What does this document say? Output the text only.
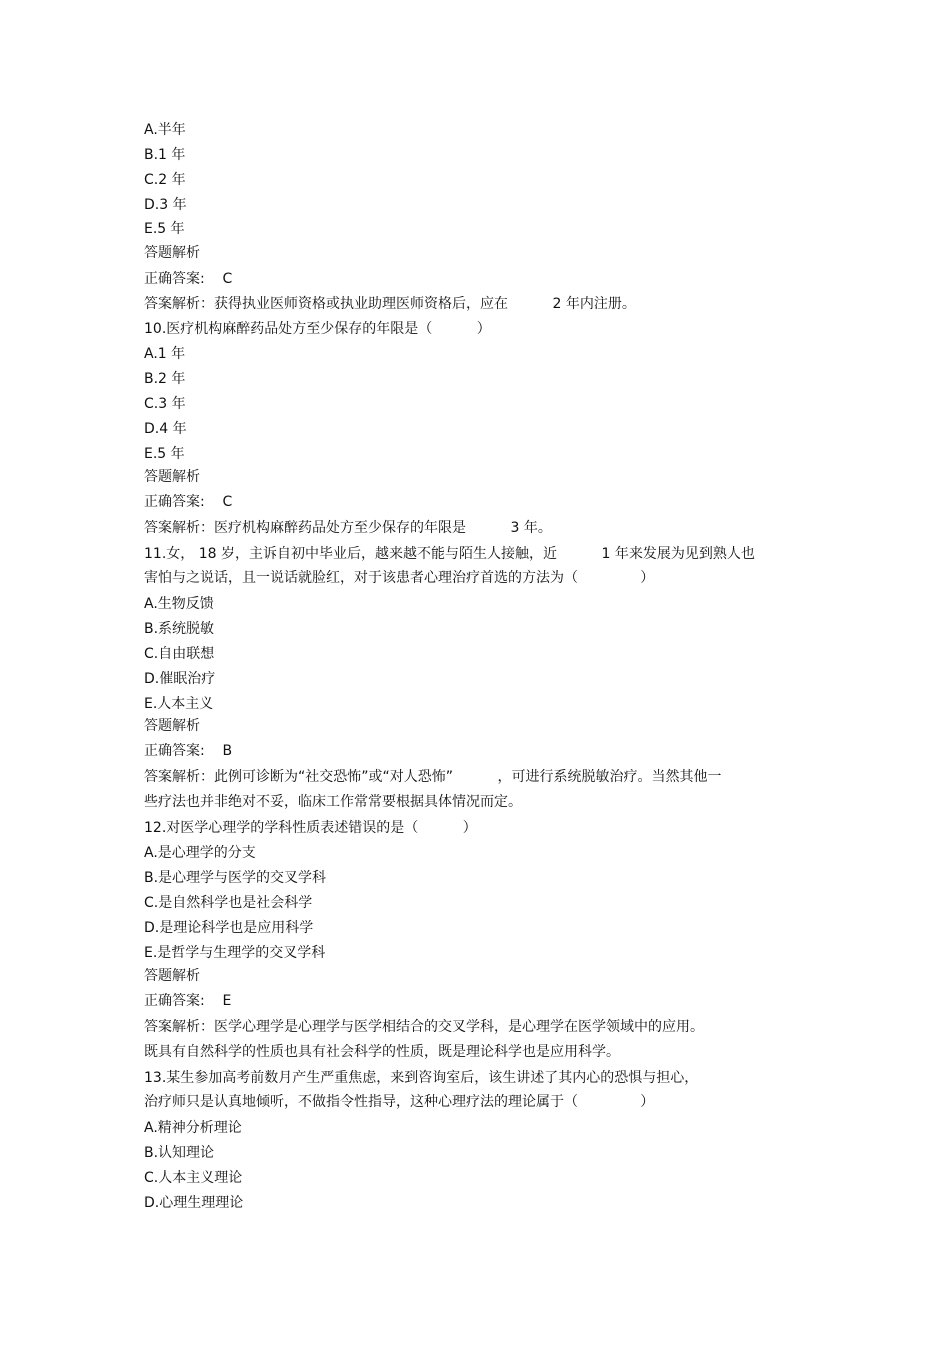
A.半年
B.1 年
C.2 年
D.3 年
E.5 年
答题解析
正确答案:    C
答案解析：获得执业医师资格或执业助理医师资格后，应在          2 年内注册。
10.医疗机构麻醉药品处方至少保存的年限是（          ）
A.1 年
B.2 年
C.3 年
D.4 年
E.5 年
答题解析
正确答案:    C
答案解析：医疗机构麻醉药品处方至少保存的年限是          3 年。
11.女， 18 岁，主诉自初中毕业后，越来越不能与陌生人接触，近          1 年来发展为见到熟人也
害怕与之说话，且一说话就脸红，对于该患者心理治疗首选的方法为（              ）
A.生物反馈
B.系统脱敏
C.自由联想
D.催眠治疗
E.人本主义
答题解析
正确答案:    B
答案解析：此例可诊断为“社交恐怖”或“对人恐怖”          ，可进行系统脱敏治疗。当然其他一
些疗法也并非绝对不妥，临床工作常常要根据具体情况而定。
12.对医学心理学的学科性质表述错误的是（          ）
A.是心理学的分支
B.是心理学与医学的交叉学科
C.是自然科学也是社会科学
D.是理论科学也是应用科学
E.是哲学与生理学的交叉学科
答题解析
正确答案:    E
答案解析：医学心理学是心理学与医学相结合的交叉学科，是心理学在医学领域中的应用。
既具有自然科学的性质也具有社会科学的性质，既是理论科学也是应用科学。
13.某生参加高考前数月产生严重焦虑，来到咨询室后，该生讲述了其内心的恐惧与担心，
治疗师只是认真地倾听，不做指令性指导，这种心理疗法的理论属于（              ）
A.精神分析理论
B.认知理论
C.人本主义理论
D.心理生理理论
